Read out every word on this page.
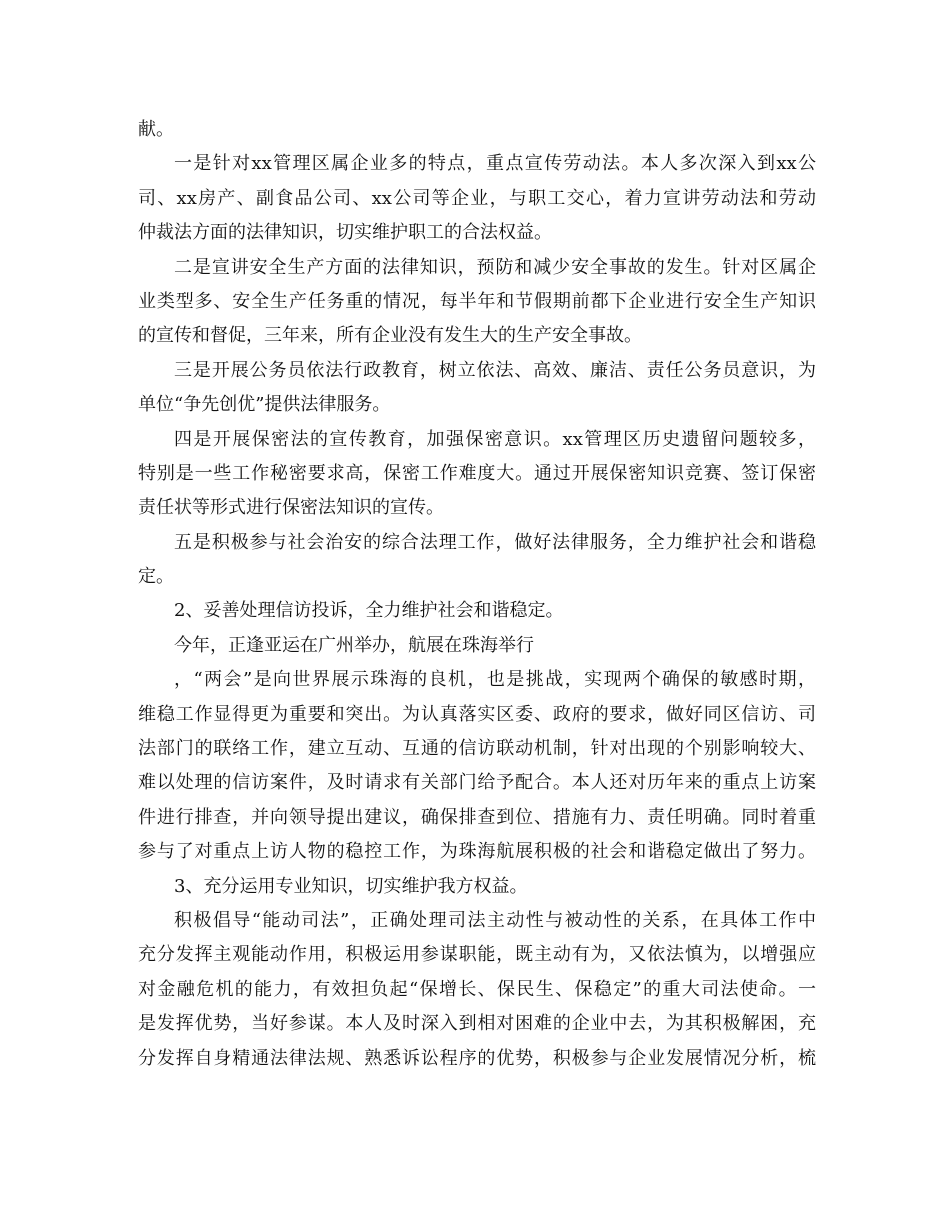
献。
一是针对xx管理区属企业多的特点，重点宣传劳动法。本人多次深入到xx公
司、xx房产、副食品公司、xx公司等企业，与职工交心，着力宣讲劳动法和劳动
仲裁法方面的法律知识，切实维护职工的合法权益。
二是宣讲安全生产方面的法律知识，预防和减少安全事故的发生。针对区属企
业类型多、安全生产任务重的情况，每半年和节假期前都下企业进行安全生产知识
的宣传和督促，三年来，所有企业没有发生大的生产安全事故。
三是开展公务员依法行政教育，树立依法、高效、廉洁、责任公务员意识，为
单位“争先创优”提供法律服务。
四是开展保密法的宣传教育，加强保密意识。xx管理区历史遗留问题较多，
特别是一些工作秘密要求高，保密工作难度大。通过开展保密知识竞赛、签订保密
责任状等形式进行保密法知识的宣传。
五是积极参与社会治安的综合法理工作，做好法律服务，全力维护社会和谐稳
定。
2、妥善处理信访投诉，全力维护社会和谐稳定。
今年，正逢亚运在广州举办，航展在珠海举行
，“两会”是向世界展示珠海的良机，也是挑战，实现两个确保的敏感时期，
维稳工作显得更为重要和突出。为认真落实区委、政府的要求，做好同区信访、司
法部门的联络工作，建立互动、互通的信访联动机制，针对出现的个别影响较大、
难以处理的信访案件，及时请求有关部门给予配合。本人还对历年来的重点上访案
件进行排查，并向领导提出建议，确保排查到位、措施有力、责任明确。同时着重
参与了对重点上访人物的稳控工作，为珠海航展积极的社会和谐稳定做出了努力。
3、充分运用专业知识，切实维护我方权益。
积极倡导“能动司法”，正确处理司法主动性与被动性的关系，在具体工作中
充分发挥主观能动作用，积极运用参谋职能，既主动有为，又依法慎为，以增强应
对金融危机的能力，有效担负起“保增长、保民生、保稳定”的重大司法使命。一
是发挥优势，当好参谋。本人及时深入到相对困难的企业中去，为其积极解困，充
分发挥自身精通法律法规、熟悉诉讼程序的优势，积极参与企业发展情况分析，梳
